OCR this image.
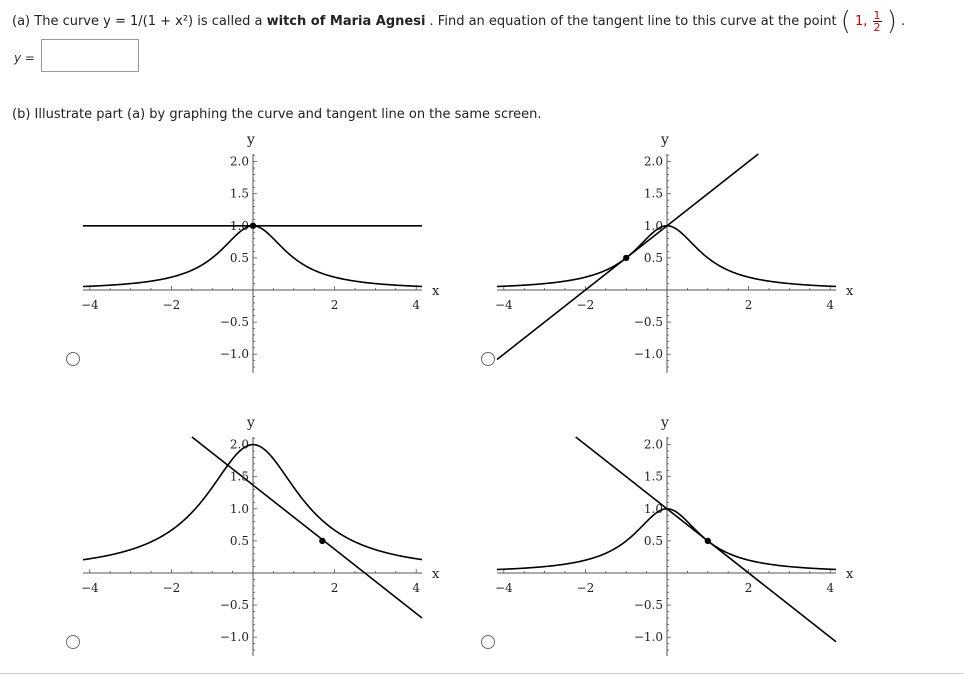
(a) The curve y = 1/(1 + x²) is called a witch of Maria Agnesi . Find an equation of the tangent line to this curve at the point ( 1, $\frac{1}{2}$ ) .
y =
(b) Illustrate part (a) by graphing the curve and tangent line on the same screen.
−4	−2	2	4
2.0
1.5
1.0
0.5
−0.5
−1.0
x
y
−4	−2	2	4
2.0
1.5
1.0
0.5
−0.5
−1.0
x
y
−4	−2	2	4
2.0
1.5
1.0
0.5
−0.5
−1.0
x
y
−4	−2	2	4
2.0
1.5
1.0
0.5
−0.5
−1.0
x
y
